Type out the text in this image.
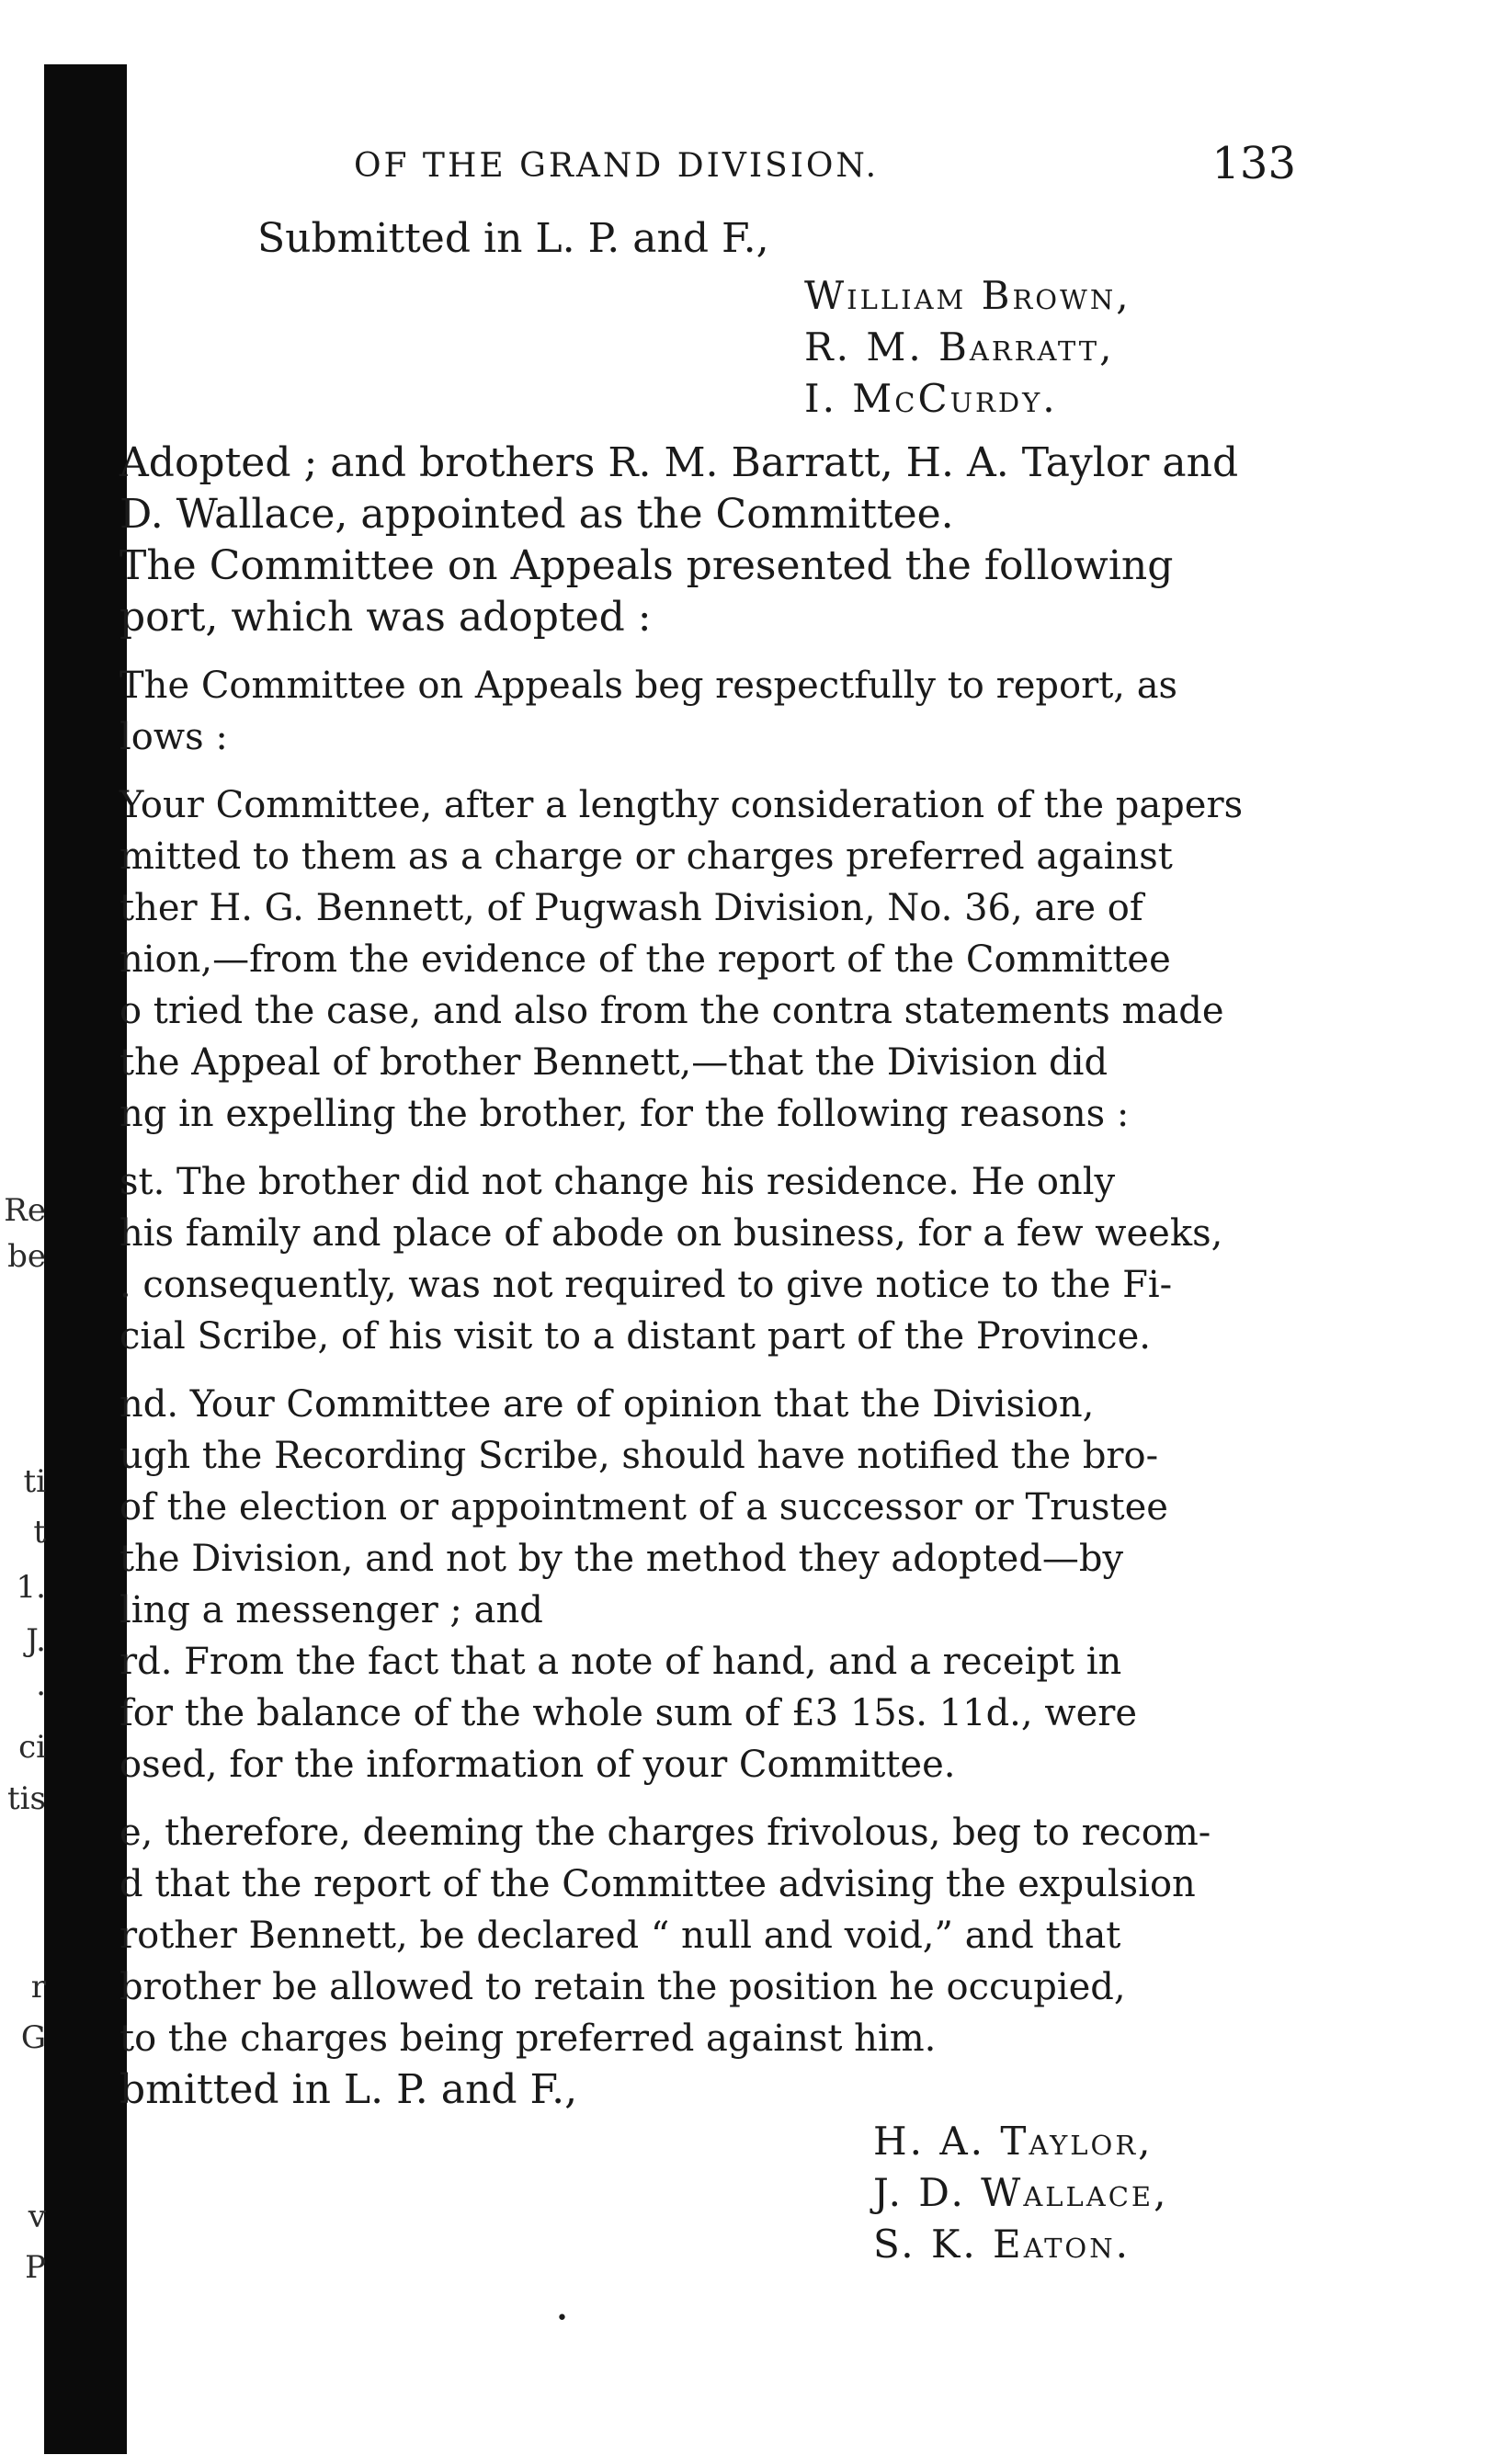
Re
be
ti
t
1.
J.
·
ci
tis
r
G
v
P
OF THE GRAND DIVISION.	133
Submitted in L. P. and F.,
William Brown,
R. M. Barratt,
I. McCurdy.
Adopted ; and brothers R. M. Barratt, H. A. Taylor and
D. Wallace, appointed as the Committee.
The Committee on Appeals presented the following
port, which was adopted :
The Committee on Appeals beg respectfully to report, as
lows :
Your Committee, after a lengthy consideration of the papers
mitted to them as a charge or charges preferred against
ther H. G. Bennett, of Pugwash Division, No. 36, are of
nion,—from the evidence of the report of the Committee
o tried the case, and also from the contra statements made
the Appeal of brother Bennett,—that the Division did
ng in expelling the brother, for the following reasons :
st. The brother did not change his residence. He only
his family and place of abode on business, for a few weeks,
. consequently, was not required to give notice to the Fi-
cial Scribe, of his visit to a distant part of the Province.
nd. Your Committee are of opinion that the Division,
ugh the Recording Scribe, should have notified the bro-
of the election or appointment of a successor or Trustee
the Division, and not by the method they adopted—by
ling a messenger ; and
rd. From the fact that a note of hand, and a receipt in
for the balance of the whole sum of £3 15s. 11d., were
osed, for the information of your Committee.
e, therefore, deeming the charges frivolous, beg to recom-
d that the report of the Committee advising the expulsion
rother Bennett, be declared “ null and void,” and that
brother be allowed to retain the position he occupied,
to the charges being preferred against him.
bmitted in L. P. and F.,
H. A. Taylor,
J. D. Wallace,
S. K. Eaton.
•
